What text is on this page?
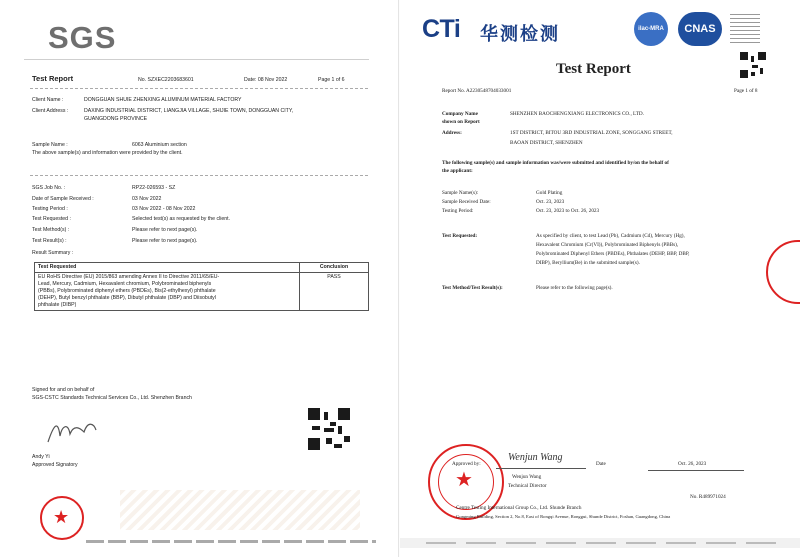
SGS
Test Report	No. SZXEC2203683601	Date: 08 Nov 2022	Page 1 of 6
Client Name :	DONGGUAN SHUIE ZHENXING ALUMINUM MATERIAL FACTORY
Client Address :	DAXING INDUSTRIAL DISTRICT, LIANGJIA VILLAGE, SHIJIE TOWN, DONGGUAN CITY,
GUANGDONG PROVINCE
Sample Name :	6063 Aluminium section
The above sample(s) and information were provided by the client.
SGS Job No. :	RP22-026593 - SZ
Date of Sample Received :	03 Nov 2022
Testing Period :	03 Nov 2022 - 08 Nov 2022
Test Requested :	Selected test(s) as requested by the client.
Test Method(s) :	Please refer to next page(s).
Test Result(s) :	Please refer to next page(s).
Result Summary :
Test Requested	Conclusion

EU RoHS Directive (EU) 2015/863 amending Annex II to Directive 2011/65/EU-
Lead, Mercury, Cadmium, Hexavalent chromium, Polybrominated biphenyls
(PBBs), Polybrominated diphenyl ethers (PBDEs), Bis(2-ethylhexyl) phthalate
(DEHP), Butyl benzyl phthalate (BBP), Dibutyl phthalate (DBP) and Diisobutyl
phthalate (DIBP)	PASS
Signed for and on behalf of
SGS-CSTC Standards Technical Services Co., Ltd. Shenzhen Branch
Andy Yi
Approved Signatory
★
CTi 华测检测	ilac-MRA	CNAS
Test Report
Report No. A2230548704033001	Page 1 of 8
Company Name
shown on Report
SHENZHEN BAOCHENGXIANG ELECTRONICS CO., LTD.
Address:	1ST DISTRICT, BITOU 3RD INDUSTRIAL ZONE, SONGGANG STREET,
BAOAN DISTRICT, SHENZHEN
The following sample(s) and sample information was/were submitted and identified by/on the behalf of
the applicant:
Sample Name(s):	Gold Plating
Sample Received Date:	Oct. 23, 2023
Testing Period:	Oct. 23, 2023 to Oct. 26, 2023
Test Requested:	As specified by client, to test Lead (Pb), Cadmium (Cd), Mercury (Hg),
Hexavalent Chromium (Cr(VI)), Polybrominated Biphenyls (PBBs),
Polybrominated Diphenyl Ethers (PBDEs), Phthalates (DEHP, BBP, DBP,
DIBP), Beryllium(Be) in the submitted sample(s).
Test Method/Test Result(s):	Please refer to the following page(s).
★
Approved by:
Wenjun Wang
Date	Oct. 26, 2023
Wenjun Wang
Technical Director
No. R489971024
Centre Testing International Group Co., Ltd. Shunde Branch
Gongming Building, Section 2, No.8, East of Rongqi Avenue, Ronggui, Shunde District, Foshan, Guangdong, China
